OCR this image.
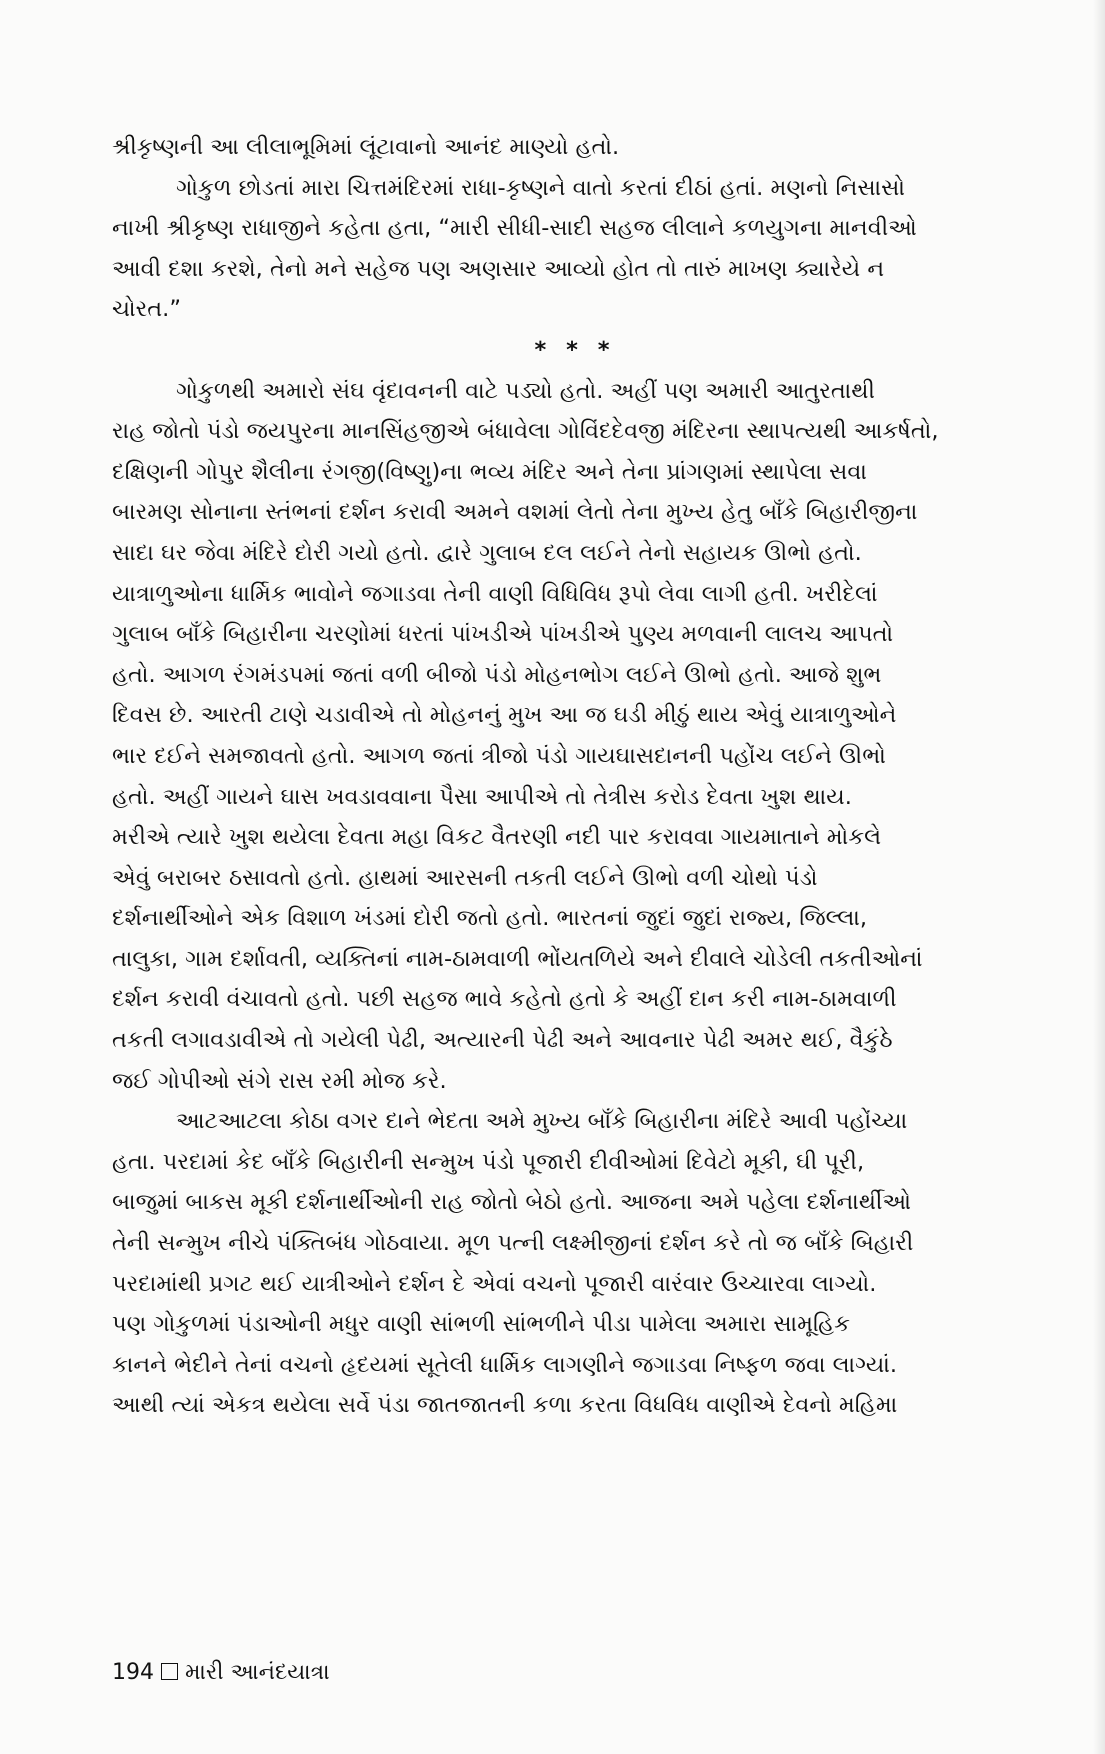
શ્રીકૃષ્ણની આ લીલાભૂમિમાં લૂંટાવાનો આનંદ માણ્યો હતો.
ગોકુળ છોડતાં મારા ચિત્તમંદિરમાં રાધા-કૃષ્ણને વાતો કરતાં દીઠાં હતાં. મણનો નિસાસો
નાખી શ્રીકૃષ્ણ રાધાજીને કહેતા હતા, “મારી સીધી-સાદી સહજ લીલાને કળયુગના માનવીઓ
આવી દશા કરશે, તેનો મને સહેજ પણ અણસાર આવ્યો હોત તો તારું માખણ ક્યારેયે ન
ચોરત.”
* * *
ગોકુળથી અમારો સંઘ વૃંદાવનની વાટે પડ્યો હતો. અહીં પણ અમારી આતુરતાથી
રાહ જોતો પંડો જયપુરના માનસિંહજીએ બંધાવેલા ગોવિંદદેવજી મંદિરના સ્થાપત્યથી આકર્ષતો,
દક્ષિણની ગોપુર શૈલીના રંગજી(વિષ્ણુ)ના ભવ્ય મંદિર અને તેના પ્રાંગણમાં સ્થાપેલા સવા
બારમણ સોનાના સ્તંભનાં દર્શન કરાવી અમને વશમાં લેતો તેના મુખ્ય હેતુ બાઁકે બિહારીજીના
સાદા ઘર જેવા મંદિરે દોરી ગયો હતો. દ્વારે ગુલાબ દલ લઈને તેનો સહાયક ઊભો હતો.
યાત્રાળુઓના ધાર્મિક ભાવોને જગાડવા તેની વાણી વિધિવિધ રૂપો લેવા લાગી હતી. ખરીદેલાં
ગુલાબ બાઁકે બિહારીના ચરણોમાં ધરતાં પાંખડીએ પાંખડીએ પુણ્ય મળવાની લાલચ આપતો
હતો. આગળ રંગમંડપમાં જતાં વળી બીજો પંડો મોહનભોગ લઈને ઊભો હતો. આજે શુભ
દિવસ છે. આરતી ટાણે ચડાવીએ તો મોહનનું મુખ આ જ ઘડી મીઠું થાય એવું યાત્રાળુઓને
ભાર દઈને સમજાવતો હતો. આગળ જતાં ત્રીજો પંડો ગાયઘાસદાનની પહોંચ લઈને ઊભો
હતો. અહીં ગાયને ઘાસ ખવડાવવાના પૈસા આપીએ તો તેત્રીસ કરોડ દેવતા ખુશ થાય.
મરીએ ત્યારે ખુશ થયેલા દેવતા મહા વિકટ વૈતરણી નદી પાર કરાવવા ગાયમાતાને મોકલે
એવું બરાબર ઠસાવતો હતો. હાથમાં આરસની તકતી લઈને ઊભો વળી ચોથો પંડો
દર્શનાર્થીઓને એક વિશાળ ખંડમાં દોરી જતો હતો. ભારતનાં જુદાં જુદાં રાજ્ય, જિલ્લા,
તાલુકા, ગામ દર્શાવતી, વ્યક્તિનાં નામ-ઠામવાળી ભોંયતળિયે અને દીવાલે ચોડેલી તકતીઓનાં
દર્શન કરાવી વંચાવતો હતો. પછી સહજ ભાવે કહેતો હતો કે અહીં દાન કરી નામ-ઠામવાળી
તકતી લગાવડાવીએ તો ગયેલી પેઢી, અત્યારની પેઢી અને આવનાર પેઢી અમર થઈ, વૈકુંઠે
જઈ ગોપીઓ સંગે રાસ રમી મોજ કરે.
આટઆટલા કોઠા વગર દાને ભેદતા અમે મુખ્ય બાઁકે બિહારીના મંદિરે આવી પહોંચ્યા
હતા. પરદામાં કેદ બાઁકે બિહારીની સન્મુખ પંડો પૂજારી દીવીઓમાં દિવેટો મૂકી, ઘી પૂરી,
બાજુમાં બાકસ મૂકી દર્શનાર્થીઓની રાહ જોતો બેઠો હતો. આજના અમે પહેલા દર્શનાર્થીઓ
તેની સન્મુખ નીચે પંક્તિબંધ ગોઠવાયા. મૂળ પત્ની લક્ષ્મીજીનાં દર્શન કરે તો જ બાઁકે બિહારી
પરદામાંથી પ્રગટ થઈ યાત્રીઓને દર્શન દે એવાં વચનો પૂજારી વારંવાર ઉચ્ચારવા લાગ્યો.
પણ ગોકુળમાં પંડાઓની મધુર વાણી સાંભળી સાંભળીને પીડા પામેલા અમારા સામૂહિક
કાનને ભેદીને તેનાં વચનો હૃદયમાં સૂતેલી ધાર્મિક લાગણીને જગાડવા નિષ્ફળ જવા લાગ્યાં.
આથી ત્યાં એકત્ર થયેલા સર્વે પંડા જાતજાતની કળા કરતા વિધવિધ વાણીએ દેવનો મહિમા
194 મારી આનંદયાત્રા
